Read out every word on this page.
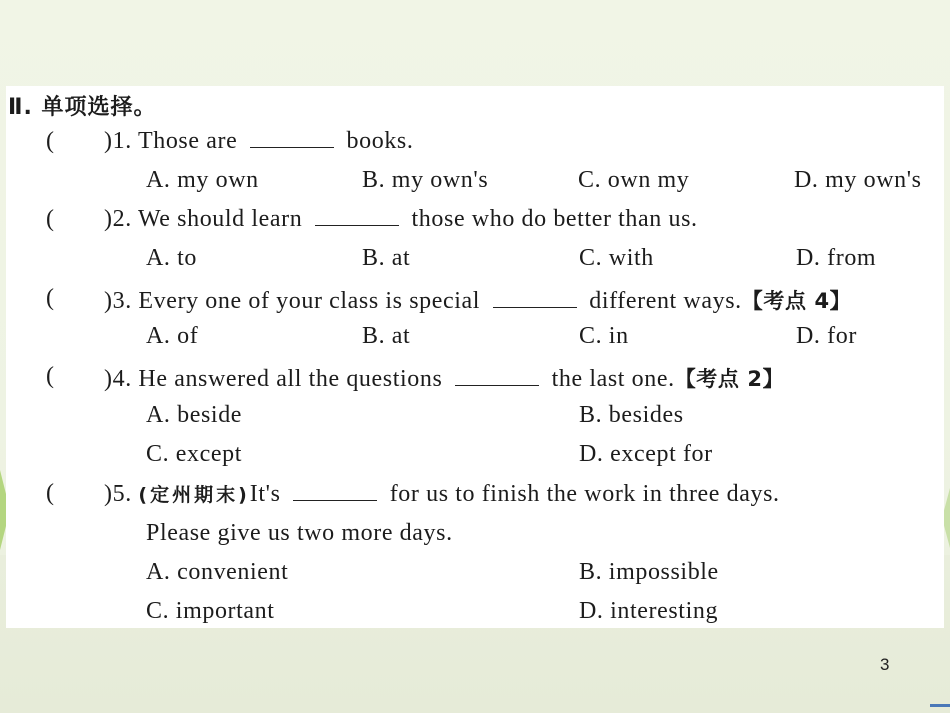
Ⅱ. 单项选择。
( )1. Those are	books.
A. my own	B. my own's	C. own my	D. my own's
( )2. We should learn	those who do better than us.
A. to	B. at	C. with	D. from
( )3. Every one of your class is special	different ways.【考点 4】
A. of	B. at	C. in	D. for
( )4. He answered all the questions	the last one.【考点 2】
A. beside	B. besides
C. except	D. except for
( )5. (定州期末)It's	for us to finish the work in three days.
Please give us two more days.
A. convenient	B. impossible
C. important	D. interesting
3
